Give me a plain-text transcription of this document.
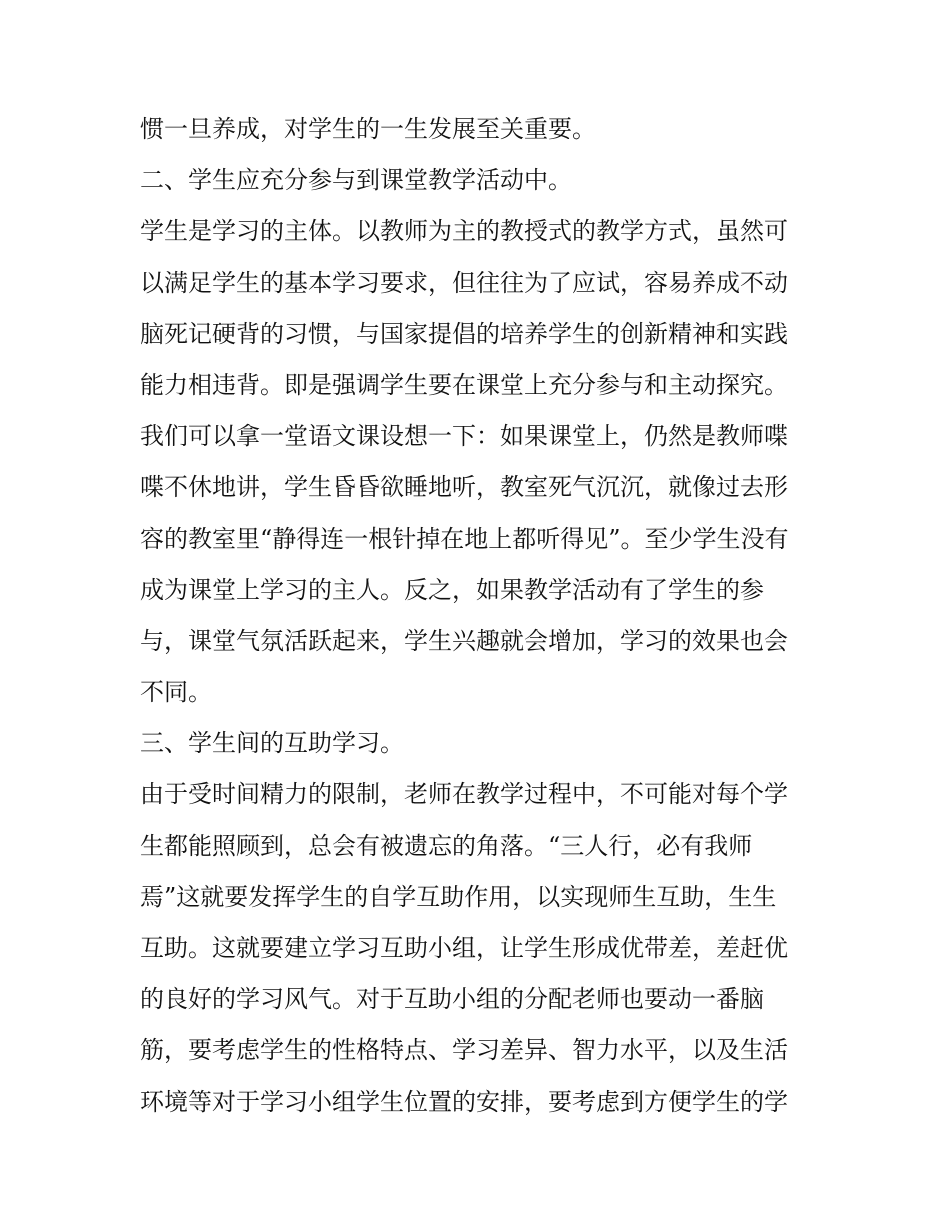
惯一旦养成，对学生的一生发展至关重要。
二、学生应充分参与到课堂教学活动中。
学生是学习的主体。以教师为主的教授式的教学方式，虽然可
以满足学生的基本学习要求，但往往为了应试，容易养成不动
脑死记硬背的习惯，与国家提倡的培养学生的创新精神和实践
能力相违背。即是强调学生要在课堂上充分参与和主动探究。
我们可以拿一堂语文课设想一下：如果课堂上，仍然是教师喋
喋不休地讲，学生昏昏欲睡地听，教室死气沉沉，就像过去形
容的教室里“静得连一根针掉在地上都听得见”。至少学生没有
成为课堂上学习的主人。反之，如果教学活动有了学生的参
与，课堂气氛活跃起来，学生兴趣就会增加，学习的效果也会
不同。
三、学生间的互助学习。
由于受时间精力的限制，老师在教学过程中，不可能对每个学
生都能照顾到，总会有被遗忘的角落。“三人行，必有我师
焉”这就要发挥学生的自学互助作用，以实现师生互助，生生
互助。这就要建立学习互助小组，让学生形成优带差，差赶优
的良好的学习风气。对于互助小组的分配老师也要动一番脑
筋，要考虑学生的性格特点、学习差异、智力水平，以及生活
环境等对于学习小组学生位置的安排，要考虑到方便学生的学
